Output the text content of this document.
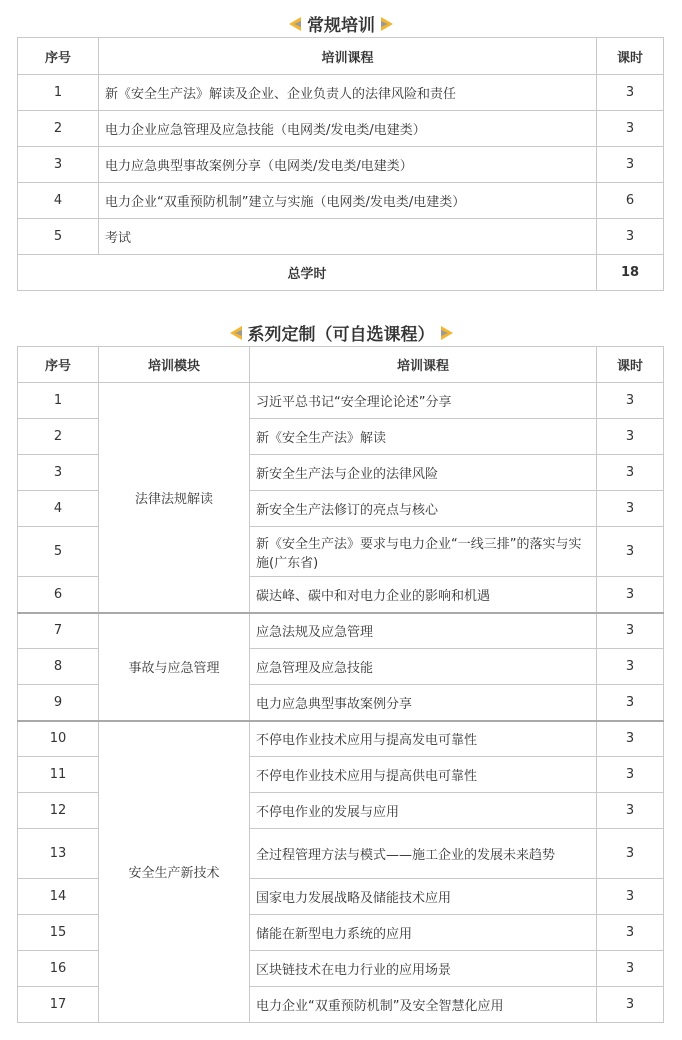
常规培训
序号	培训课程	课时
1	新《安全生产法》解读及企业、企业负责人的法律风险和责任	3
2	电力企业应急管理及应急技能（电网类/发电类/电建类）	3
3	电力应急典型事故案例分享（电网类/发电类/电建类）	3
4	电力企业“双重预防机制”建立与实施（电网类/发电类/电建类）	6
5	考试	3
总学时		18
系列定制（可自选课程）
序号	培训模块	培训课程	课时
1	法律法规解读	习近平总书记“安全理论论述”分享	3
2		新《安全生产法》解读	3
3		新安全生产法与企业的法律风险	3
4		新安全生产法修订的亮点与核心	3
5		新《安全生产法》要求与电力企业“一线三排”的落实与实施(广东省)	3
6		碳达峰、碳中和对电力企业的影响和机遇	3
7	事故与应急管理	应急法规及应急管理	3
8		应急管理及应急技能	3
9		电力应急典型事故案例分享	3
10	安全生产新技术	不停电作业技术应用与提高发电可靠性	3
11		不停电作业技术应用与提高供电可靠性	3
12		不停电作业的发展与应用	3
13		全过程管理方法与模式——施工企业的发展未来趋势	3
14		国家电力发展战略及储能技术应用	3
15		储能在新型电力系统的应用	3
16		区块链技术在电力行业的应用场景	3
17		电力企业“双重预防机制”及安全智慧化应用	3
